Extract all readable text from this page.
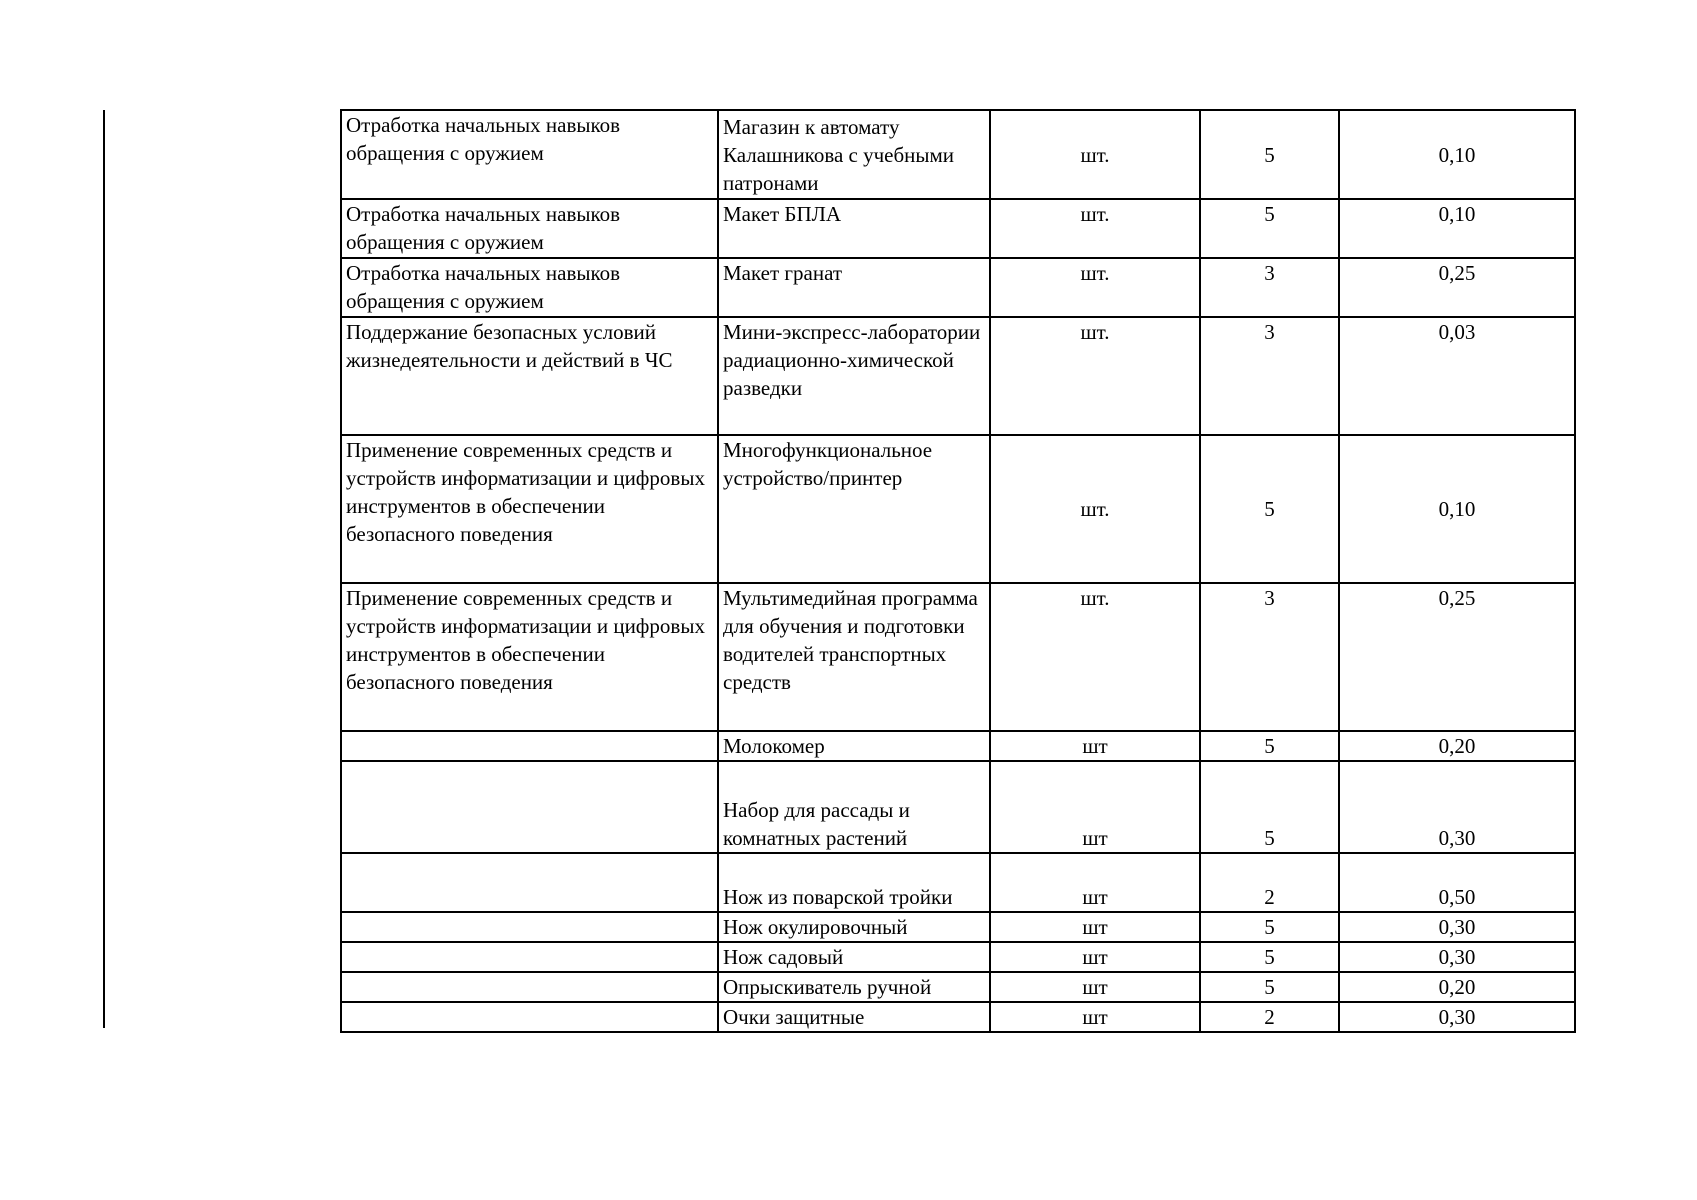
Отработка начальных навыков обращения с оружием	Магазин к автомату Калашникова с учебными патронами	шт.	5	0,10
Отработка начальных навыков обращения с оружием	Макет БПЛА	шт.	5	0,10
Отработка начальных навыков обращения с оружием	Макет гранат	шт.	3	0,25
Поддержание безопасных условий жизнедеятельности и действий в ЧС	Мини-экспресс-лаборатории радиационно-химической разведки	шт.	3	0,03
Применение современных средств и устройств информатизации и цифровых инструментов в обеспечении безопасного поведения	Многофункциональное устройство/принтер	шт.	5	0,10
Применение современных средств и устройств информатизации и цифровых инструментов в обеспечении безопасного поведения	Мультимедийная программа для обучения и подготовки водителей транспортных средств	шт.	3	0,25
	Молокомер	шт	5	0,20
	Набор для рассады и комнатных растений	шт	5	0,30
	Нож из поварской тройки	шт	2	0,50
	Нож окулировочный	шт	5	0,30
	Нож садовый	шт	5	0,30
	Опрыскиватель ручной	шт	5	0,20
	Очки защитные	шт	2	0,30
